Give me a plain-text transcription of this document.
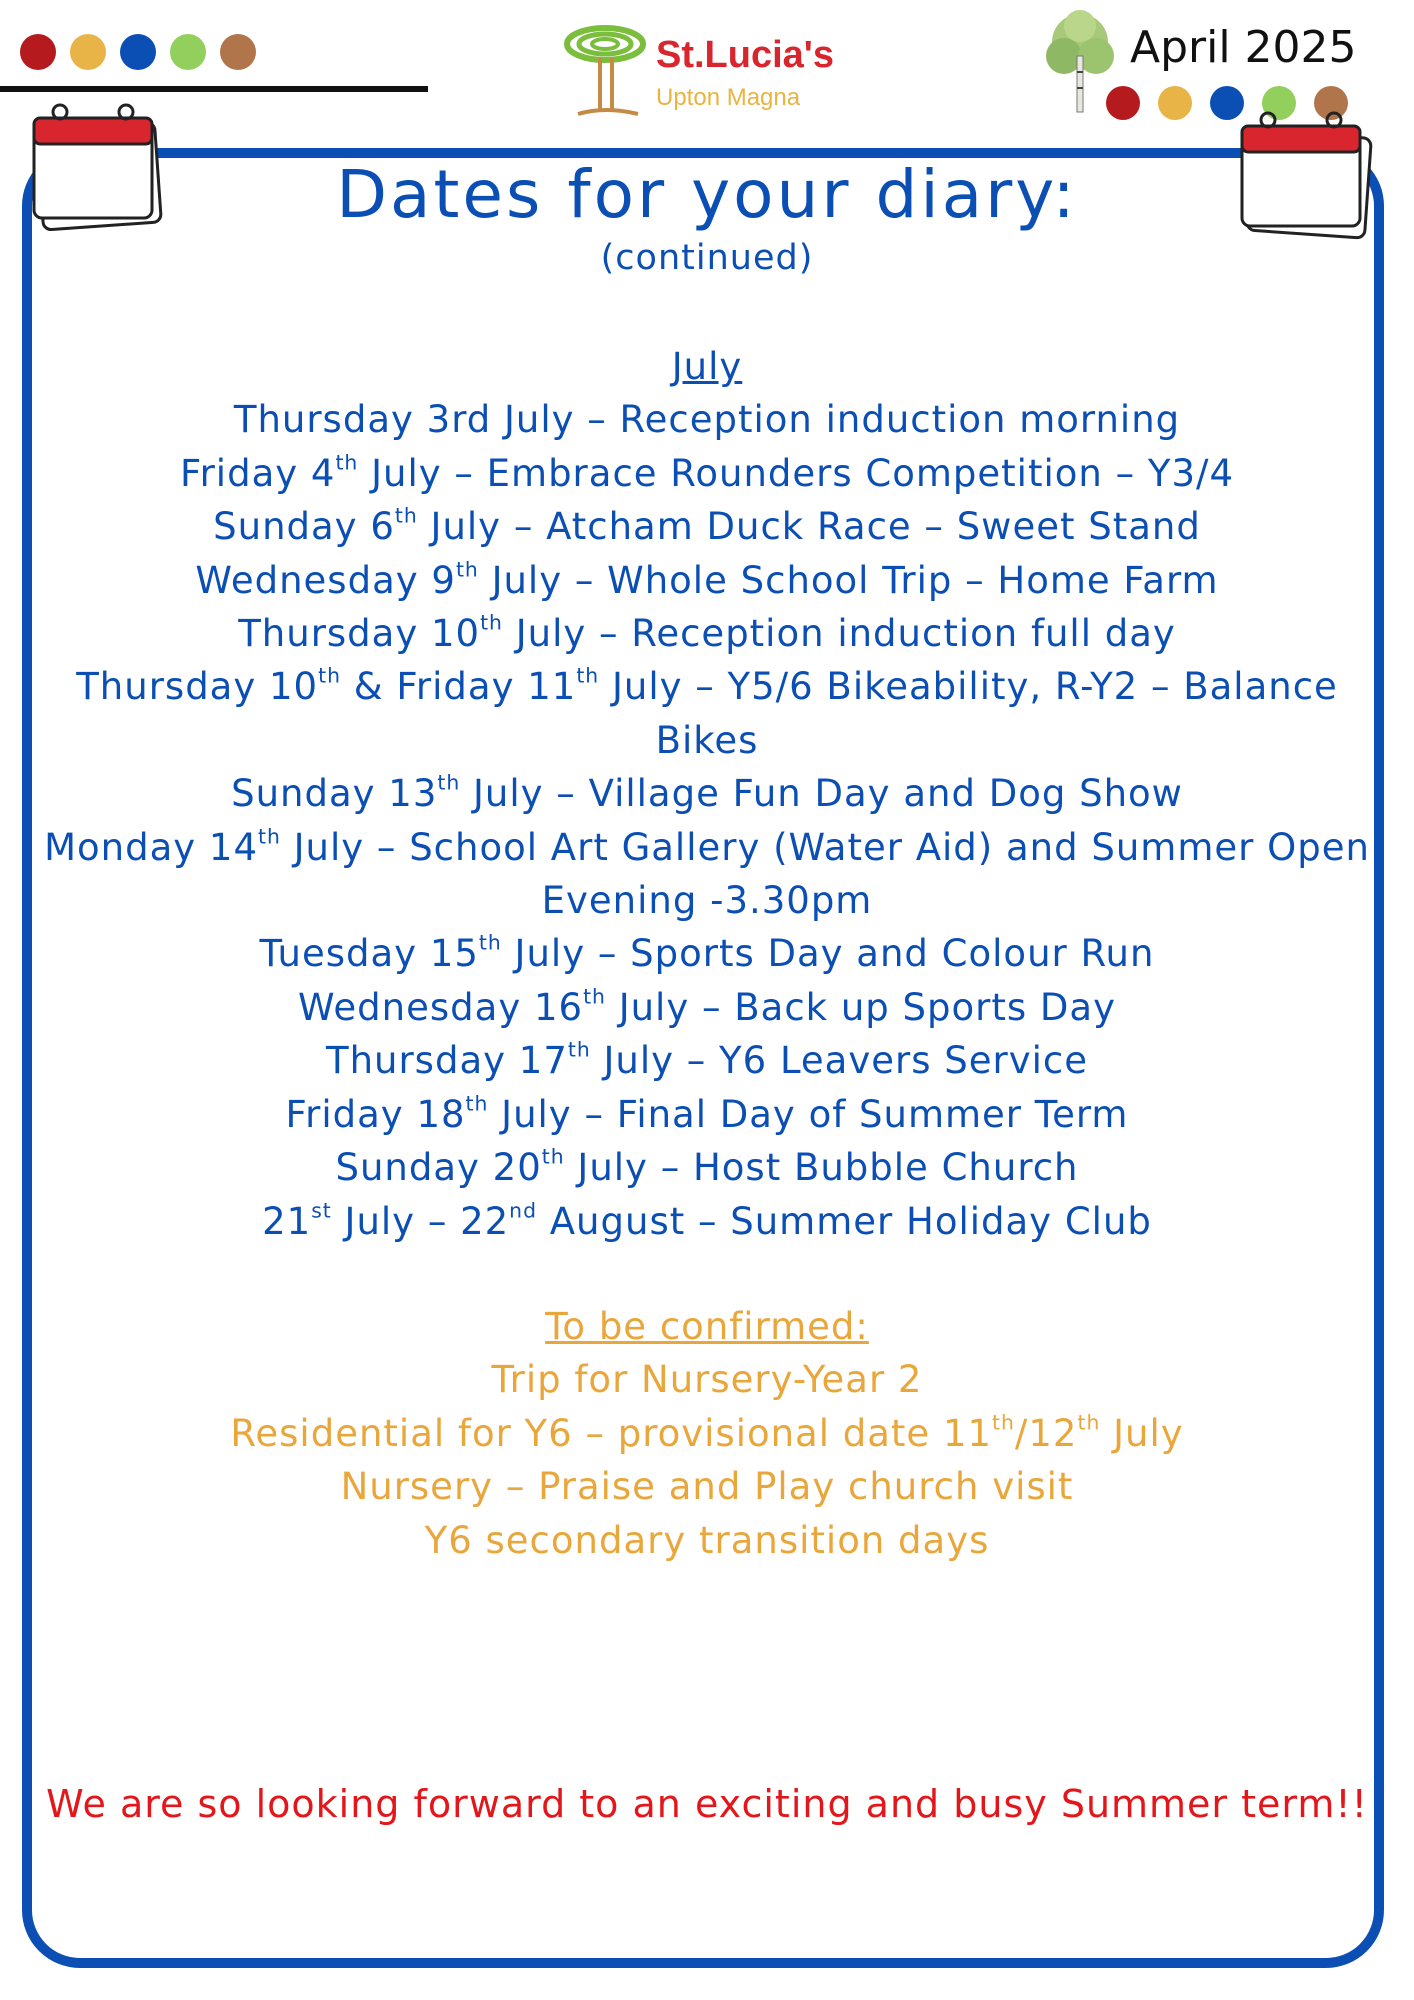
St.Lucia's
Upton Magna
April 2025
Dates for your diary:
(continued)
July
Thursday 3rd July – Reception induction morning
Friday 4th July – Embrace Rounders Competition – Y3/4
Sunday 6th July – Atcham Duck Race – Sweet Stand
Wednesday 9th July – Whole School Trip – Home Farm
Thursday 10th July – Reception induction full day
Thursday 10th & Friday 11th July – Y5/6 Bikeability, R-Y2 – Balance Bikes
Sunday 13th July – Village Fun Day and Dog Show
Monday 14th July – School Art Gallery (Water Aid) and Summer Open Evening -3.30pm
Tuesday 15th July – Sports Day and Colour Run
Wednesday 16th July – Back up Sports Day
Thursday 17th July – Y6 Leavers Service
Friday 18th July – Final Day of Summer Term
Sunday 20th July – Host Bubble Church
21st July – 22nd August – Summer Holiday Club
To be confirmed:
Trip for Nursery-Year 2
Residential for Y6 – provisional date 11th/12th July
Nursery – Praise and Play church visit
Y6 secondary transition days
We are so looking forward to an exciting and busy Summer term!!
